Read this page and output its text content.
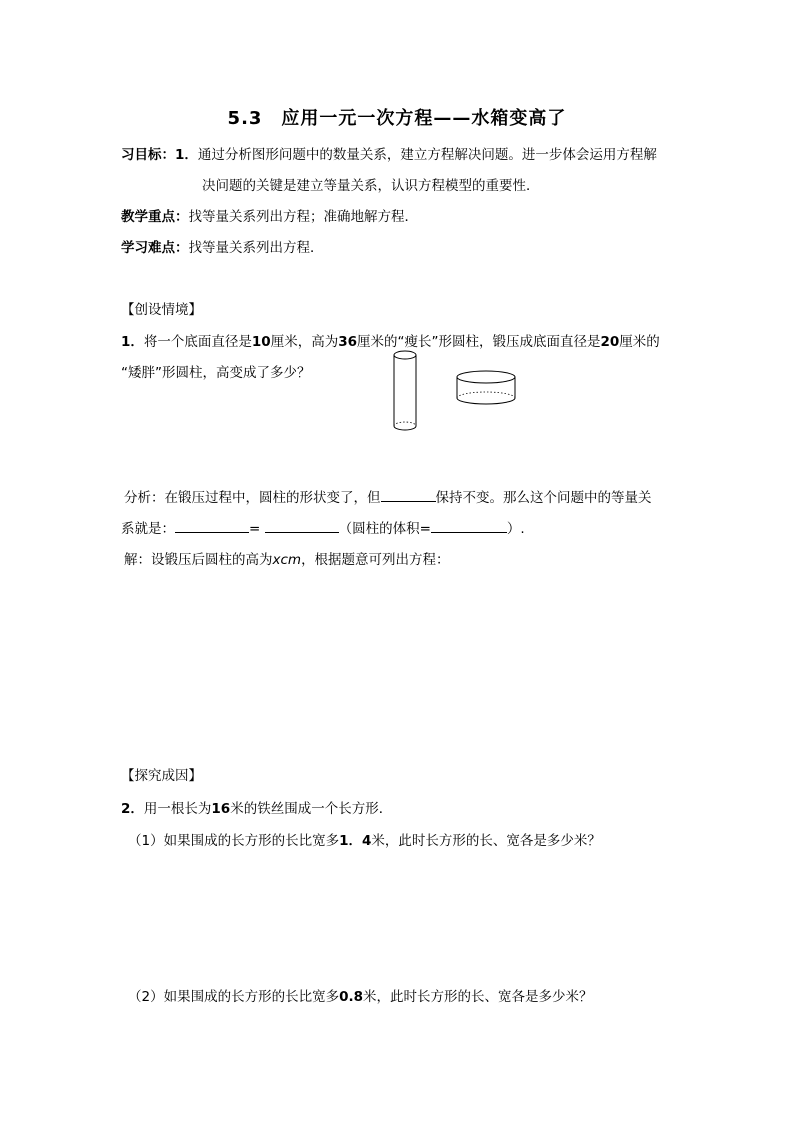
5.3　应用一元一次方程——水箱变高了
习目标：1．通过分析图形问题中的数量关系，建立方程解决问题。进一步体会运用方程解
决问题的关键是建立等量关系，认识方程模型的重要性．
教学重点：找等量关系列出方程；准确地解方程．
学习难点：找等量关系列出方程．
【创设情境】
1．将一个底面直径是10厘米，高为36厘米的“瘦长”形圆柱，锻压成底面直径是20厘米的
“矮胖”形圆柱，高变成了多少？
分析：在锻压过程中，圆柱的形状变了，但	保持不变。那么这个问题中的等量关
系就是：	=	（圆柱的体积=	）.
解：设锻压后圆柱的高为xcm，根据题意可列出方程：
【探究成因】
2．用一根长为16米的铁丝围成一个长方形．
（1）如果围成的长方形的长比宽多1．4米，此时长方形的长、宽各是多少米？
（2）如果围成的长方形的长比宽多0.8米，此时长方形的长、宽各是多少米？
